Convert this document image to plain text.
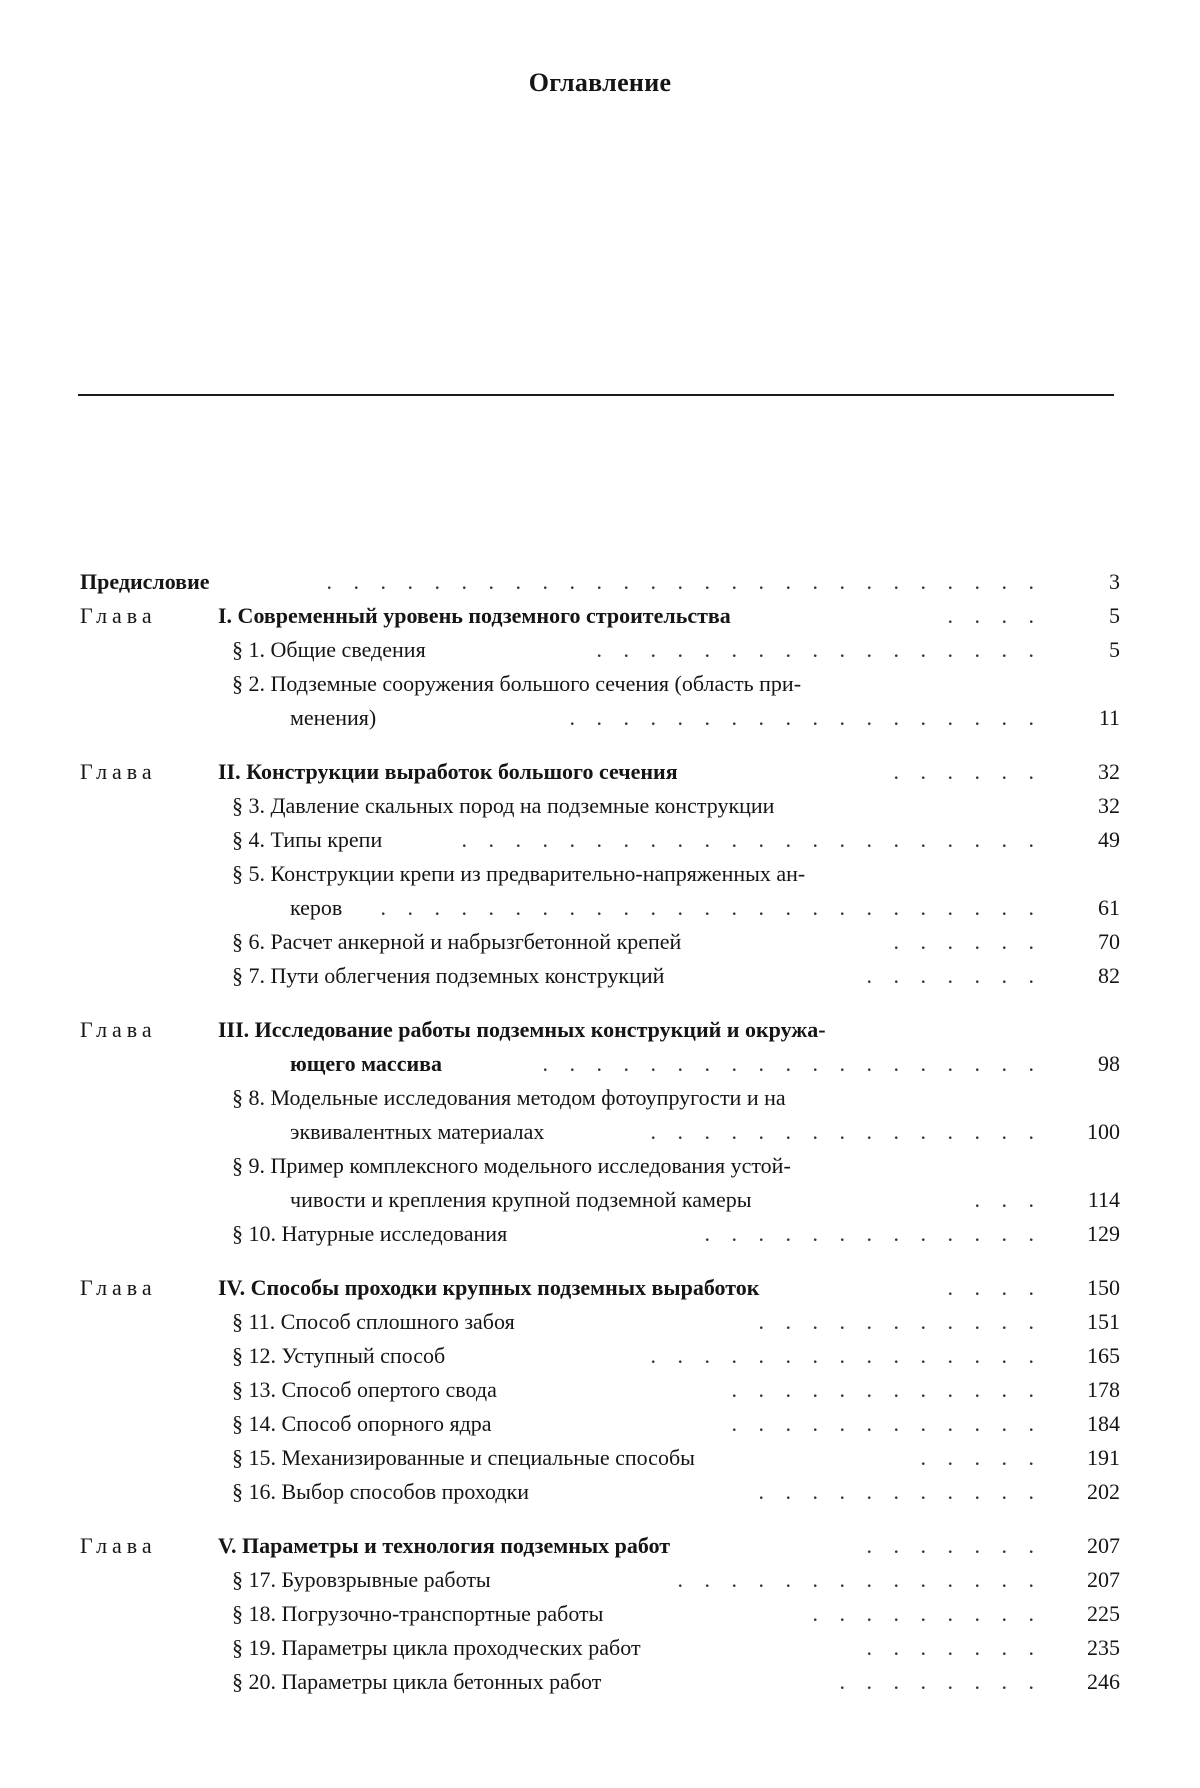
Оглавление
Предисловие	. . . . . . . . . . . . . . . . . . . . . . . . . . .	3
Глава	I. Современный уровень подземного строительства	. . . .	5
§ 1. Общие сведения	. . . . . . . . . . . . . . . . .	5
§ 2. Подземные сооружения большого сечения (область при-
менения)	. . . . . . . . . . . . . . . . . .	11
Глава	II. Конструкции выработок большого сечения	. . . . . .	32
§ 3. Давление скальных пород на подземные конструкции	32
§ 4. Типы крепи	. . . . . . . . . . . . . . . . . . . . . .	49
§ 5. Конструкции крепи из предварительно-напряженных ан-
керов . . . . . . . . . . . . . . . . . . . . . . . . .	61
§ 6. Расчет анкерной и набрызгбетонной крепей	. . . . . .	70
§ 7. Пути облегчения подземных конструкций	. . . . . . .	82
Глава	III. Исследование работы подземных конструкций и окружа-
ющего массива	. . . . . . . . . . . . . . . . . . .	98
§ 8. Модельные исследования методом фотоупругости и на
эквивалентных материалах	. . . . . . . . . . . . . . .	100
§ 9. Пример комплексного модельного исследования устой-
чивости и крепления крупной подземной камеры	. . .	114
§ 10. Натурные исследования	. . . . . . . . . . . . .	129
Глава	IV. Способы проходки крупных подземных выработок	. . . .	150
§ 11. Способ сплошного забоя	. . . . . . . . . . .	151
§ 12. Уступный способ	. . . . . . . . . . . . . . .	165
§ 13. Способ опертого свода	. . . . . . . . . . . .	178
§ 14. Способ опорного ядра	. . . . . . . . . . . .	184
§ 15. Механизированные и специальные способы	. . . . .	191
§ 16. Выбор способов проходки	. . . . . . . . . . .	202
Глава	V. Параметры и технология подземных работ	. . . . . . .	207
§ 17. Буровзрывные работы	. . . . . . . . . . . . . .	207
§ 18. Погрузочно-транспортные работы	. . . . . . . . .	225
§ 19. Параметры цикла проходческих работ	. . . . . . .	235
§ 20. Параметры цикла бетонных работ	. . . . . . . .	246
